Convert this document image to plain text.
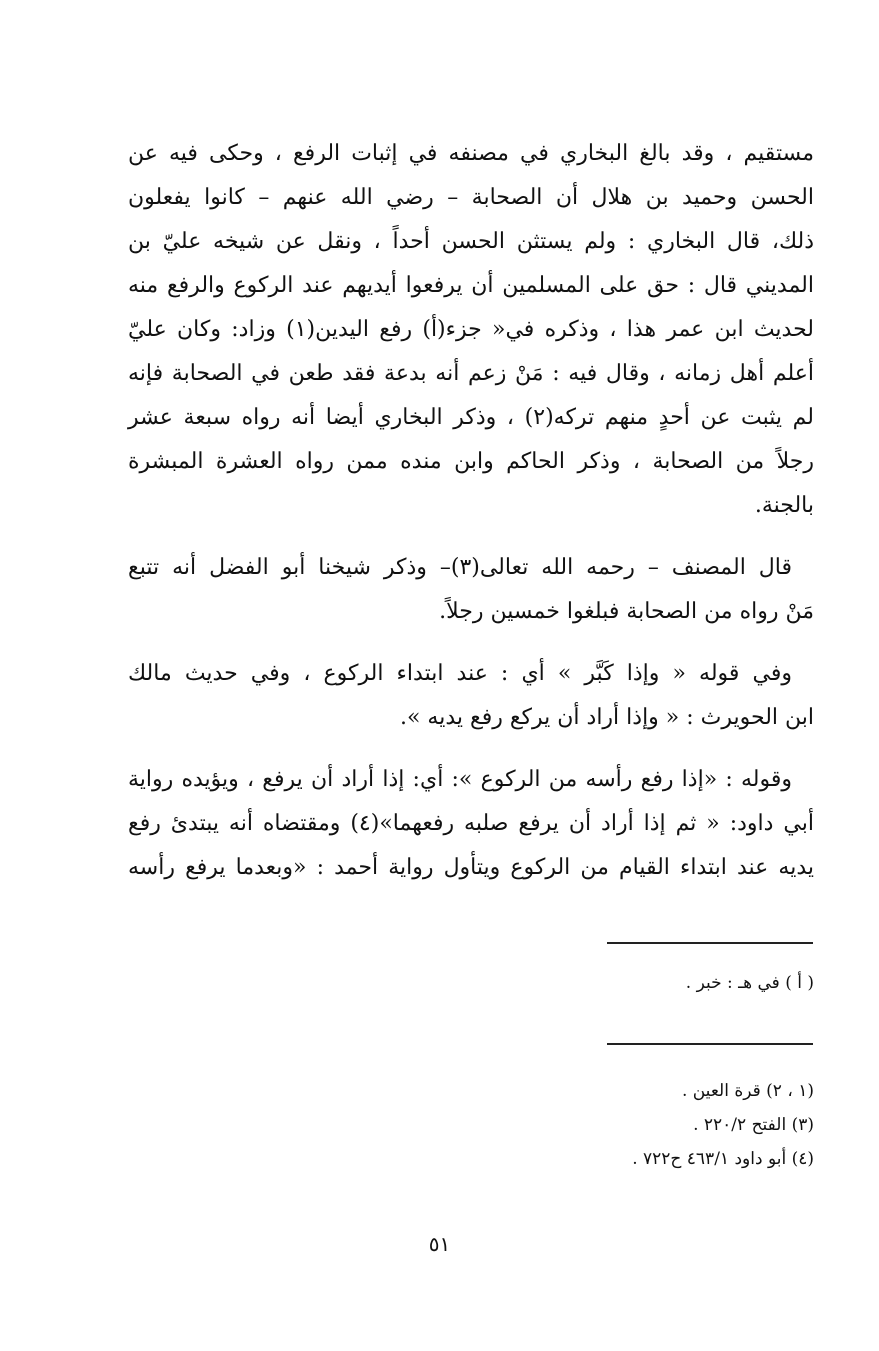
مستقيم ، وقد بالغ البخاري في مصنفه في إثبات الرفع ، وحكى فيه عن
الحسن وحميد بن هلال أن الصحابة – رضي الله عنهم – كانوا يفعلون
ذلك، قال البخاري : ولم يستثن الحسن أحداً ، ونقل عن شيخه عليّ بن
المديني قال : حق على المسلمين أن يرفعوا أيديهم عند الركوع والرفع منه
لحديث ابن عمر هذا ، وذكره في« جزء(أ) رفع اليدين(١) وزاد: وكان عليّ
أعلم أهل زمانه ، وقال فيه : مَنْ زعم أنه بدعة فقد طعن في الصحابة فإنه
لم يثبت عن أحدٍ منهم تركه(٢) ، وذكر البخاري أيضا أنه رواه سبعة عشر
رجلاً من الصحابة ، وذكر الحاكم وابن منده ممن رواه العشرة المبشرة
بالجنة.
قال المصنف – رحمه الله تعالى(٣)– وذكر شيخنا أبو الفضل أنه تتبع
مَنْ رواه من الصحابة فبلغوا خمسين رجلاً.
وفي قوله « وإذا كَبَّر » أي : عند ابتداء الركوع ، وفي حديث مالك
ابن الحويرث : « وإذا أراد أن يركع رفع يديه ».
وقوله : «إذا رفع رأسه من الركوع »: أي: إذا أراد أن يرفع ، ويؤيده رواية
أبي داود: « ثم إذا أراد أن يرفع صلبه رفعهما»(٤) ومقتضاه أنه يبتدئ رفع
يديه عند ابتداء القيام من الركوع ويتأول رواية أحمد : «وبعدما يرفع رأسه
( أ ) في هـ : خبر .
(١ ، ٢) قرة العين .
(٣) الفتح ٢٢٠/٢ .
(٤) أبو داود ٤٦٣/١ ح٧٢٢ .
٥١
